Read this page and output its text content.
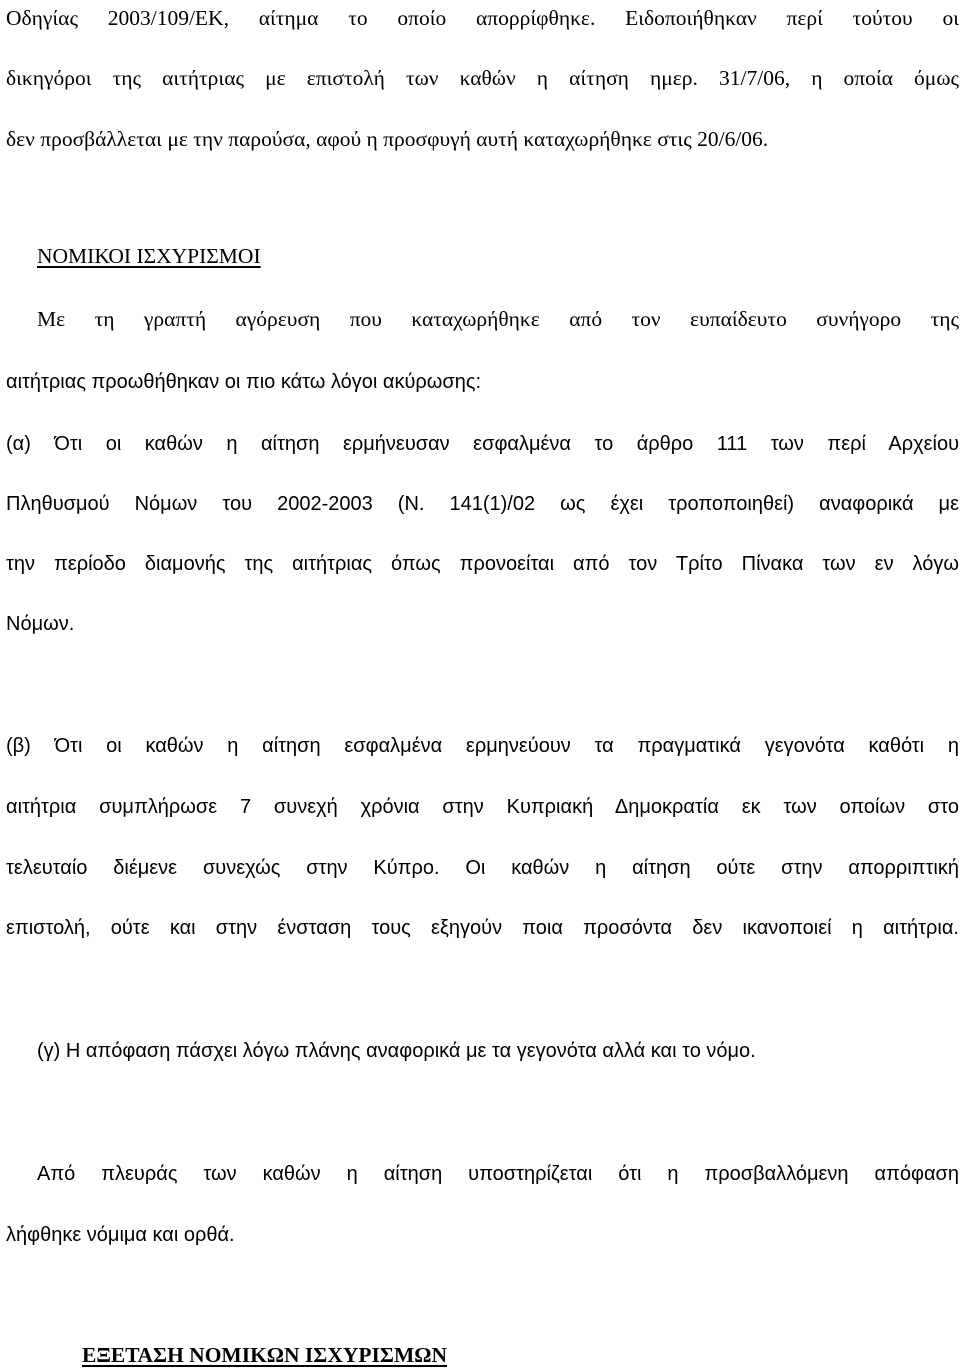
Οδηγίας 2003/109/ΕΚ, αίτημα το οποίο απορρίφθηκε. Ειδοποιήθηκαν περί τούτου οι

δικηγόροι της αιτήτριας με επιστολή των καθών η αίτηση ημερ. 31/7/06, η οποία όμως

δεν προσβάλλεται με την παρούσα, αφού η προσφυγή αυτή καταχωρήθηκε στις 20/6/06.

ΝΟΜΙΚΟΙ ΙΣΧΥΡΙΣΜΟΙ

Με τη γραπτή αγόρευση που καταχωρήθηκε από τον ευπαίδευτο συνήγορο της

αιτήτριας προωθήθηκαν οι πιο κάτω λόγοι ακύρωσης:

(α) Ότι οι καθών η αίτηση ερμήνευσαν εσφαλμένα το άρθρο 111 των περί Αρχείου

Πληθυσμού Νόμων του 2002-2003 (Ν. 141(1)/02 ως έχει τροποποιηθεί) αναφορικά με

την περίοδο διαμονής της αιτήτριας όπως προνοείται από τον Τρίτο Πίνακα των εν λόγω

Νόμων.

(β) Ότι οι καθών η αίτηση εσφαλμένα ερμηνεύουν τα πραγματικά γεγονότα καθότι η

αιτήτρια συμπλήρωσε 7 συνεχή χρόνια στην Κυπριακή Δημοκρατία εκ των οποίων στο

τελευταίο διέμενε συνεχώς στην Κύπρο. Οι καθών η αίτηση ούτε στην απορριπτική

επιστολή, ούτε και στην ένσταση τους εξηγούν ποια προσόντα δεν ικανοποιεί η αιτήτρια.

(γ) Η απόφαση πάσχει λόγω πλάνης αναφορικά με τα γεγονότα αλλά και το νόμο.

Από πλευράς των καθών η αίτηση υποστηρίζεται ότι η προσβαλλόμενη απόφαση

λήφθηκε νόμιμα και ορθά.

ΕΞΕΤΑΣΗ ΝΟΜΙΚΩΝ ΙΣΧΥΡΙΣΜΩΝ
